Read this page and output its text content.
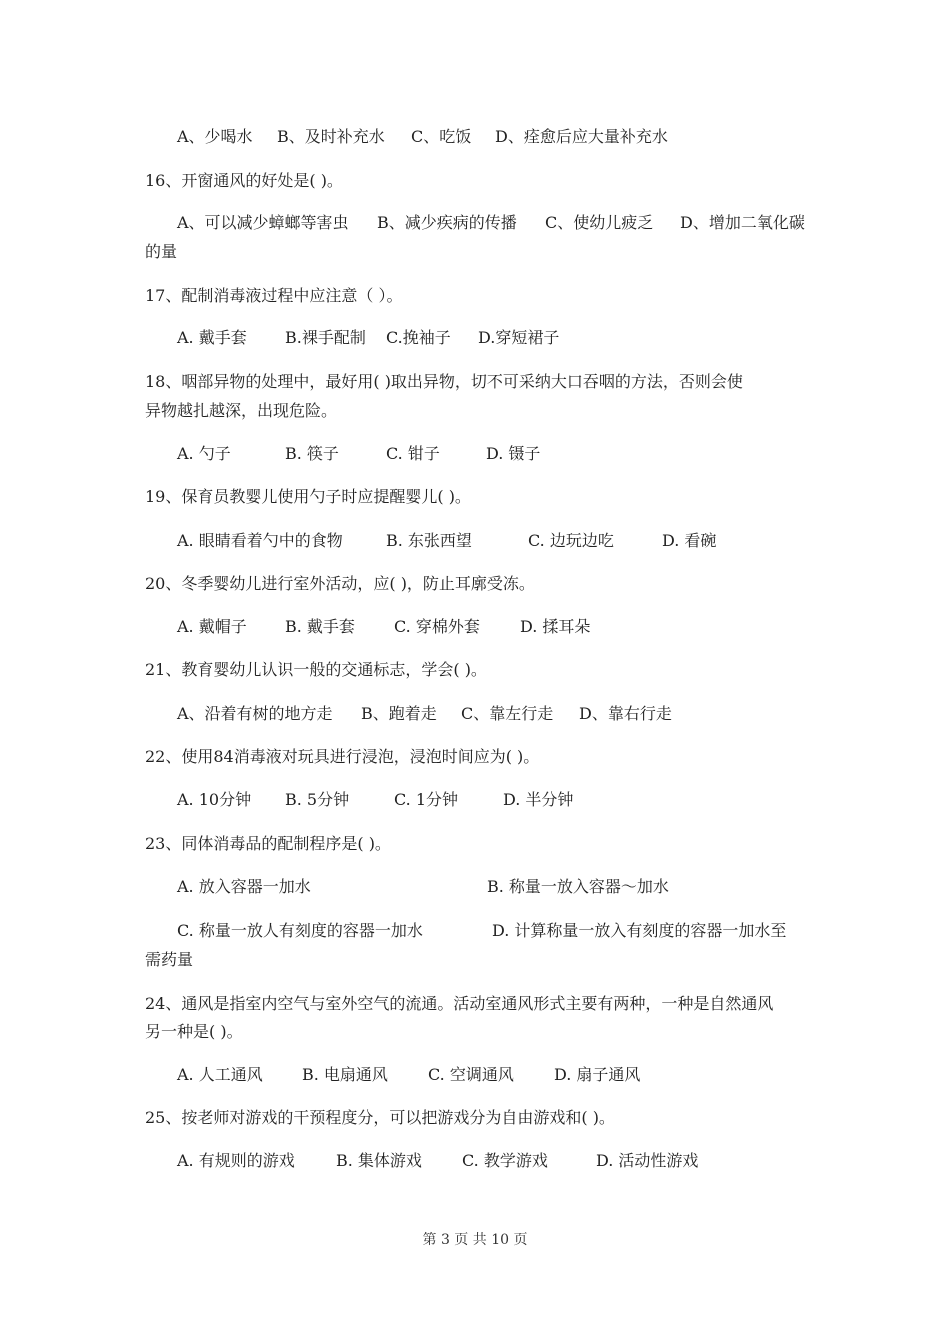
A、少喝水 B、及时补充水 C、吃饭 D、痊愈后应大量补充水
16、开窗通风的好处是( )。
A、可以减少蟑螂等害虫 B、减少疾病的传播 C、使幼儿疲乏 D、增加二氧化碳
的量
17、配制消毒液过程中应注意（ ）。
A. 戴手套 B.裸手配制 C.挽袖子 D.穿短裙子
18、咽部异物的处理中，最好用( )取出异物，切不可采纳大口吞咽的方法，否则会使
异物越扎越深，出现危险。
A. 勺子	B. 筷子	C. 钳子	D. 镊子
19、保育员教婴儿使用勺子时应提醒婴儿( )。
A. 眼睛看着勺中的食物	B. 东张西望	C. 边玩边吃	D. 看碗
20、冬季婴幼儿进行室外活动，应( )，防止耳廓受冻。
A. 戴帽子 B. 戴手套 C. 穿棉外套	D. 揉耳朵
21、教育婴幼儿认识一般的交通标志，学会( )。
A、沿着有树的地方走 B、跑着走 C、靠左行走 D、靠右行走
22、使用84消毒液对玩具进行浸泡，浸泡时间应为( )。
A. 10分钟 B. 5分钟	C. 1分钟	D. 半分钟
23、同体消毒品的配制程序是( )。
A. 放入容器一加水	B. 称量一放入容器～加水
C. 称量一放人有刻度的容器一加水	D. 计算称量一放入有刻度的容器一加水至
需药量
24、通风是指室内空气与室外空气的流通。活动室通风形式主要有两种，一种是自然通风
另一种是( )。
A. 人工通风 B. 电扇通风	C. 空调通风	D. 扇子通风
25、按老师对游戏的干预程度分，可以把游戏分为自由游戏和( )。
A. 有规则的游戏	B. 集体游戏	C. 教学游戏	D. 活动性游戏
第 3 页 共 10 页
